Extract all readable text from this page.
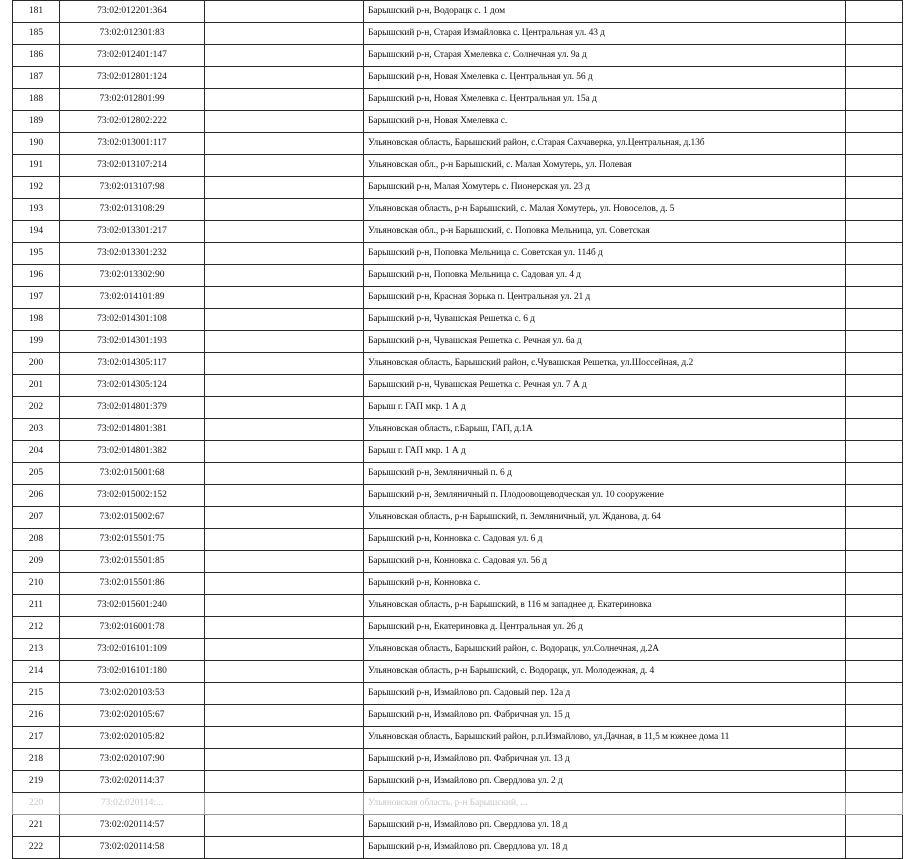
181	73:02:012201:364		Барышский р-н, Водорацк с. 1 дом	
185	73:02:012301:83		Барышский р-н, Старая Измайловка с. Центральная ул. 43 д	
186	73:02:012401:147		Барышский р-н, Старая Хмелевка с. Солнечная ул. 9а д	
187	73:02:012801:124		Барышский р-н, Новая Хмелевка с. Центральная ул. 56 д	
188	73:02:012801:99		Барышский р-н, Новая Хмелевка с. Центральная ул. 15а д	
189	73:02:012802:222		Барышский р-н, Новая Хмелевка с.	
190	73:02:013001:117		Ульяновская область, Барышский район, с.Старая Сахчаверка, ул.Центральная, д.13б	
191	73:02:013107:214		Ульяновская обл., р-н Барышский, с. Малая Хомутерь, ул. Полевая	
192	73:02:013107:98		Барышский р-н, Малая Хомутерь с. Пионерская ул. 23 д	
193	73:02:013108:29		Ульяновская область, р-н Барышский, с. Малая Хомутерь, ул. Новоселов, д. 5	
194	73:02:013301:217		Ульяновская обл., р-н Барышский, с. Поповка Мельница, ул. Советская	
195	73:02:013301:232		Барышский р-н, Поповка Мельница с. Советская ул. 114б д	
196	73:02:013302:90		Барышский р-н, Поповка Мельница с. Садовая ул. 4 д	
197	73:02:014101:89		Барышский р-н, Красная Зорька п. Центральная ул. 21 д	
198	73:02:014301:108		Барышский р-н, Чувашская Решетка с. 6 д	
199	73:02:014301:193		Барышский р-н, Чувашская Решетка с. Речная ул. 6а д	
200	73:02:014305:117		Ульяновская область, Барышский район, с.Чувашская Решетка, ул.Шоссейная, д.2	
201	73:02:014305:124		Барышский р-н, Чувашская Решетка с. Речная ул. 7 А д	
202	73:02:014801:379		Барыш г. ГАП мкр. 1 А д	
203	73:02:014801:381		Ульяновская область, г.Барыш, ГАП, д.1А	
204	73:02:014801:382		Барыш г. ГАП мкр. 1 А д	
205	73:02:015001:68		Барышский р-н, Земляничный п. 6 д	
206	73:02:015002:152		Барышский р-н, Земляничный п. Плодоовощеводческая ул. 10 сооружение	
207	73:02:015002:67		Ульяновская область, р-н Барышский, п. Земляничный, ул. Жданова, д. 64	
208	73:02:015501:75		Барышский р-н, Конновка с. Садовая ул. 6 д	
209	73:02:015501:85		Барышский р-н, Конновка с. Садовая ул. 56 д	
210	73:02:015501:86		Барышский р-н, Конновка с.	
211	73:02:015601:240		Ульяновская область, р-н Барышский, в 116 м западнее д. Екатериновка	
212	73:02:016001:78		Барышский р-н, Екатериновка д. Центральная ул. 26 д	
213	73:02:016101:109		Ульяновская область, Барышский район, с. Водорацк, ул.Солнечная, д.2А	
214	73:02:016101:180		Ульяновская область, р-н Барышский, с. Водорацк, ул. Молодежная, д. 4	
215	73:02:020103:53		Барышский р-н, Измайлово рп. Садовый пер. 12а д	
216	73:02:020105:67		Барышский р-н, Измайлово рп. Фабричная ул. 15 д	
217	73:02:020105:82		Ульяновская область, Барышский район, р.п.Измайлово, ул.Дачная, в 11,5 м южнее дома 11	
218	73:02:020107:90		Барышский р-н, Измайлово рп. Фабричная ул. 13 д	
219	73:02:020114:37		Барышский р-н, Измайлово рп. Свердлова ул. 2 д	
220	73:02:020114:...		Ульяновская область, р-н Барышский, ...	
221	73:02:020114:57		Барышский р-н, Измайлово рп. Свердлова ул. 18 д	
222	73:02:020114:58		Барышский р-н, Измайлово рп. Свердлова ул. 18 д	
